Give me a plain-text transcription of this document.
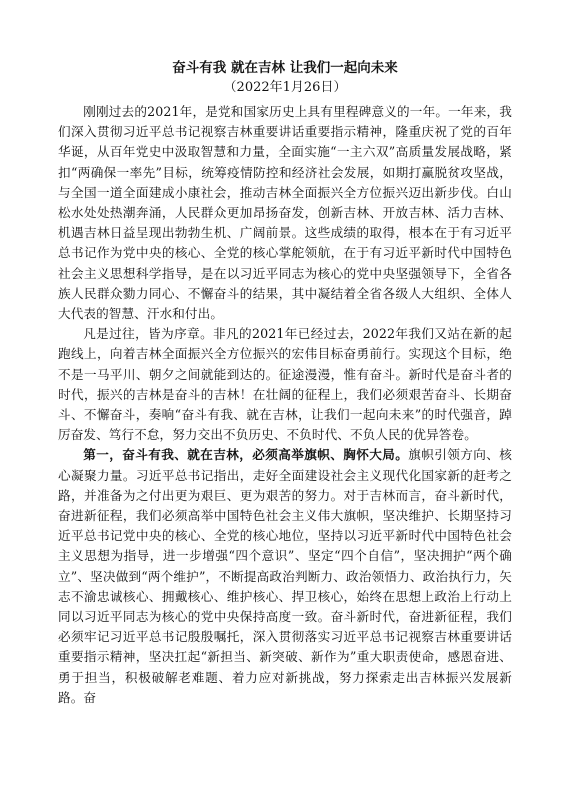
奋斗有我 就在吉林 让我们一起向未来
（2022年1月26日）

刚刚过去的2021年，是党和国家历史上具有里程碑意义的一年。一年来，我们深入贯彻习近平总书记视察吉林重要讲话重要指示精神，隆重庆祝了党的百年华诞，从百年党史中汲取智慧和力量，全面实施“一主六双”高质量发展战略，紧扣“两确保一率先”目标，统筹疫情防控和经济社会发展，如期打赢脱贫攻坚战，与全国一道全面建成小康社会，推动吉林全面振兴全方位振兴迈出新步伐。白山松水处处热潮奔涌，人民群众更加昂扬奋发，创新吉林、开放吉林、活力吉林、机遇吉林日益呈现出勃勃生机、广阔前景。这些成绩的取得，根本在于有习近平总书记作为党中央的核心、全党的核心掌舵领航，在于有习近平新时代中国特色社会主义思想科学指导，是在以习近平同志为核心的党中央坚强领导下，全省各族人民群众勠力同心、不懈奋斗的结果，其中凝结着全省各级人大组织、全体人大代表的智慧、汗水和付出。

凡是过往，皆为序章。非凡的2021年已经过去，2022年我们又站在新的起跑线上，向着吉林全面振兴全方位振兴的宏伟目标奋勇前行。实现这个目标，绝不是一马平川、朝夕之间就能到达的。征途漫漫，惟有奋斗。新时代是奋斗者的时代，振兴的吉林是奋斗的吉林！在壮阔的征程上，我们必须艰苦奋斗、长期奋斗、不懈奋斗，奏响“奋斗有我、就在吉林，让我们一起向未来”的时代强音，踔厉奋发、笃行不怠，努力交出不负历史、不负时代、不负人民的优异答卷。

第一，奋斗有我、就在吉林，必须高举旗帜、胸怀大局。旗帜引领方向、核心凝聚力量。习近平总书记指出，走好全面建设社会主义现代化国家新的赶考之路，并准备为之付出更为艰巨、更为艰苦的努力。对于吉林而言，奋斗新时代，奋进新征程，我们必须高举中国特色社会主义伟大旗帜，坚决维护、长期坚持习近平总书记党中央的核心、全党的核心地位，坚持以习近平新时代中国特色社会主义思想为指导，进一步增强“四个意识”、坚定“四个自信”，坚决拥护“两个确立”、坚决做到“两个维护”，不断提高政治判断力、政治领悟力、政治执行力，矢志不渝忠诚核心、拥戴核心、维护核心、捍卫核心，始终在思想上政治上行动上同以习近平同志为核心的党中央保持高度一致。奋斗新时代，奋进新征程，我们必须牢记习近平总书记殷殷嘱托，深入贯彻落实习近平总书记视察吉林重要讲话重要指示精神，坚决扛起“新担当、新突破、新作为”重大职责使命，感恩奋进、勇于担当，积极破解老难题、着力应对新挑战，努力探索走出吉林振兴发展新路。奋
